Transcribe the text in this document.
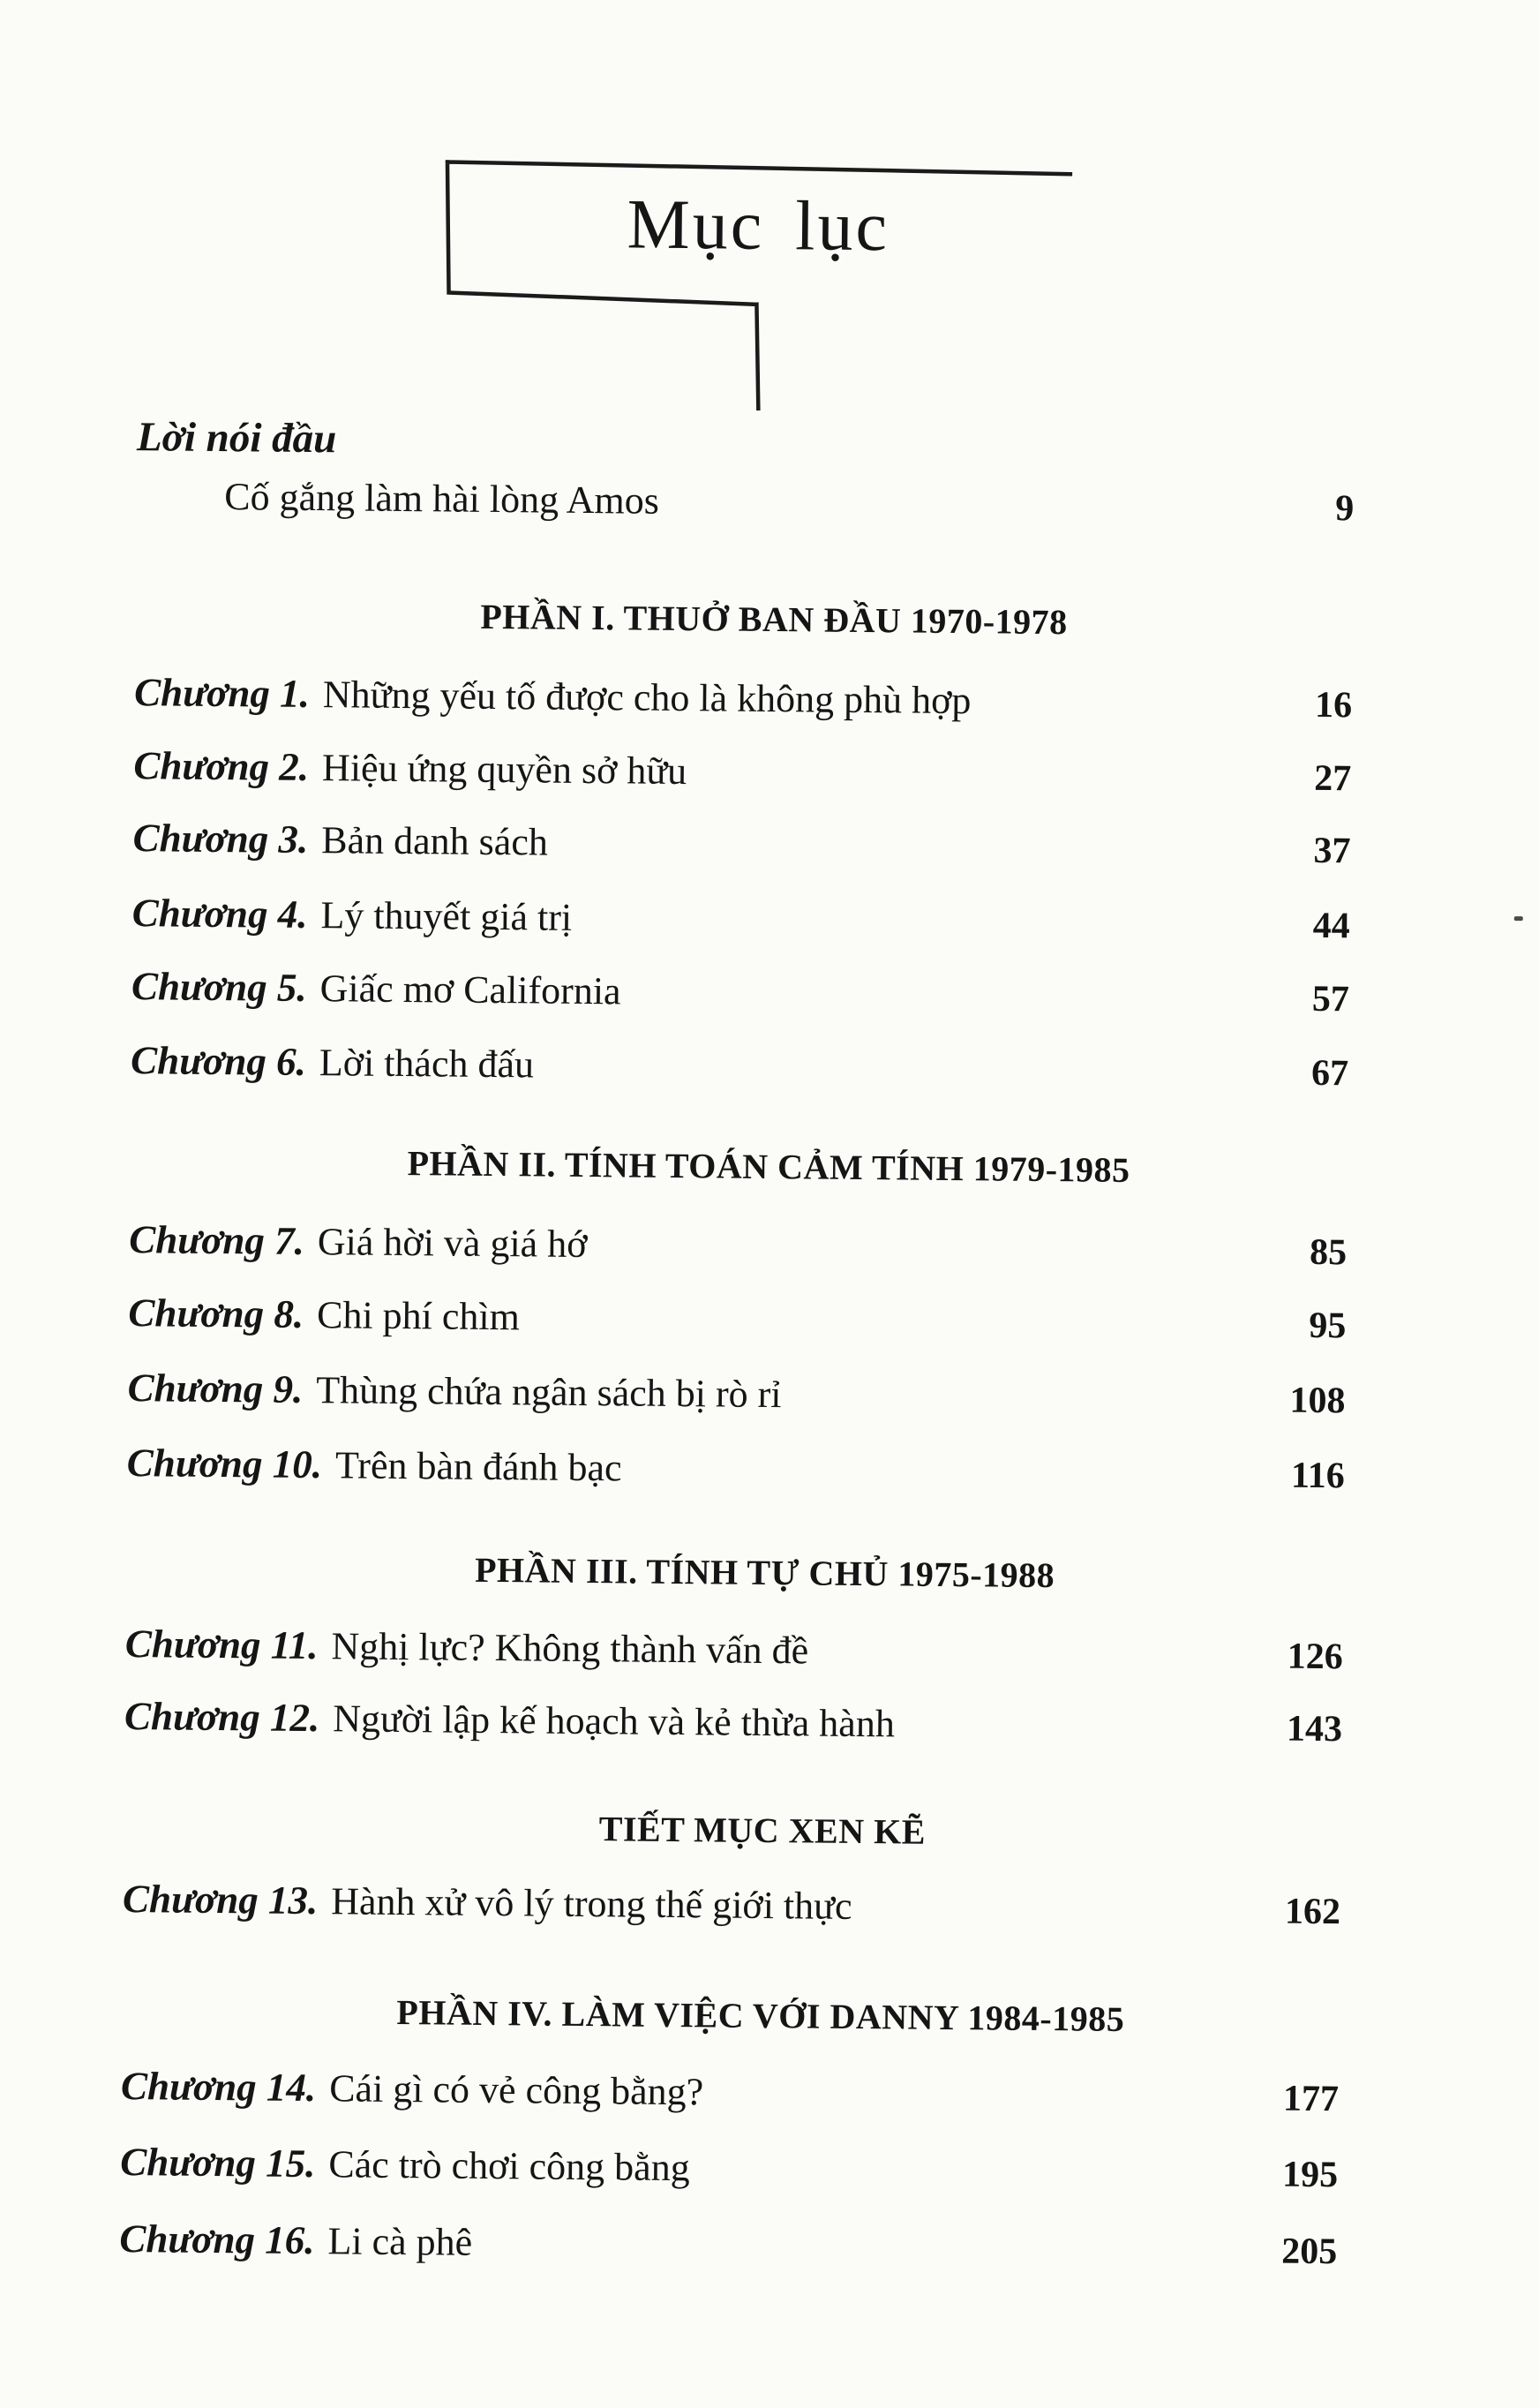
Mục lục
Lời nói đầu
Cố gắng làm hài lòng Amos	9
PHẦN I. THUỞ BAN ĐẦU 1970-1978
Chương 1. Những yếu tố được cho là không phù hợp	16
Chương 2. Hiệu ứng quyền sở hữu	27
Chương 3. Bản danh sách	37
Chương 4. Lý thuyết giá trị	44
Chương 5. Giấc mơ California	57
Chương 6. Lời thách đấu	67
PHẦN II. TÍNH TOÁN CẢM TÍNH 1979-1985
Chương 7. Giá hời và giá hớ	85
Chương 8. Chi phí chìm	95
Chương 9. Thùng chứa ngân sách bị rò rỉ	108
Chương 10. Trên bàn đánh bạc	116
PHẦN III. TÍNH TỰ CHỦ 1975-1988
Chương 11. Nghị lực? Không thành vấn đề	126
Chương 12. Người lập kế hoạch và kẻ thừa hành	143
TIẾT MỤC XEN KẼ
Chương 13. Hành xử vô lý trong thế giới thực	162
PHẦN IV. LÀM VIỆC VỚI DANNY 1984-1985
Chương 14. Cái gì có vẻ công bằng?	177
Chương 15. Các trò chơi công bằng	195
Chương 16. Li cà phê	205
